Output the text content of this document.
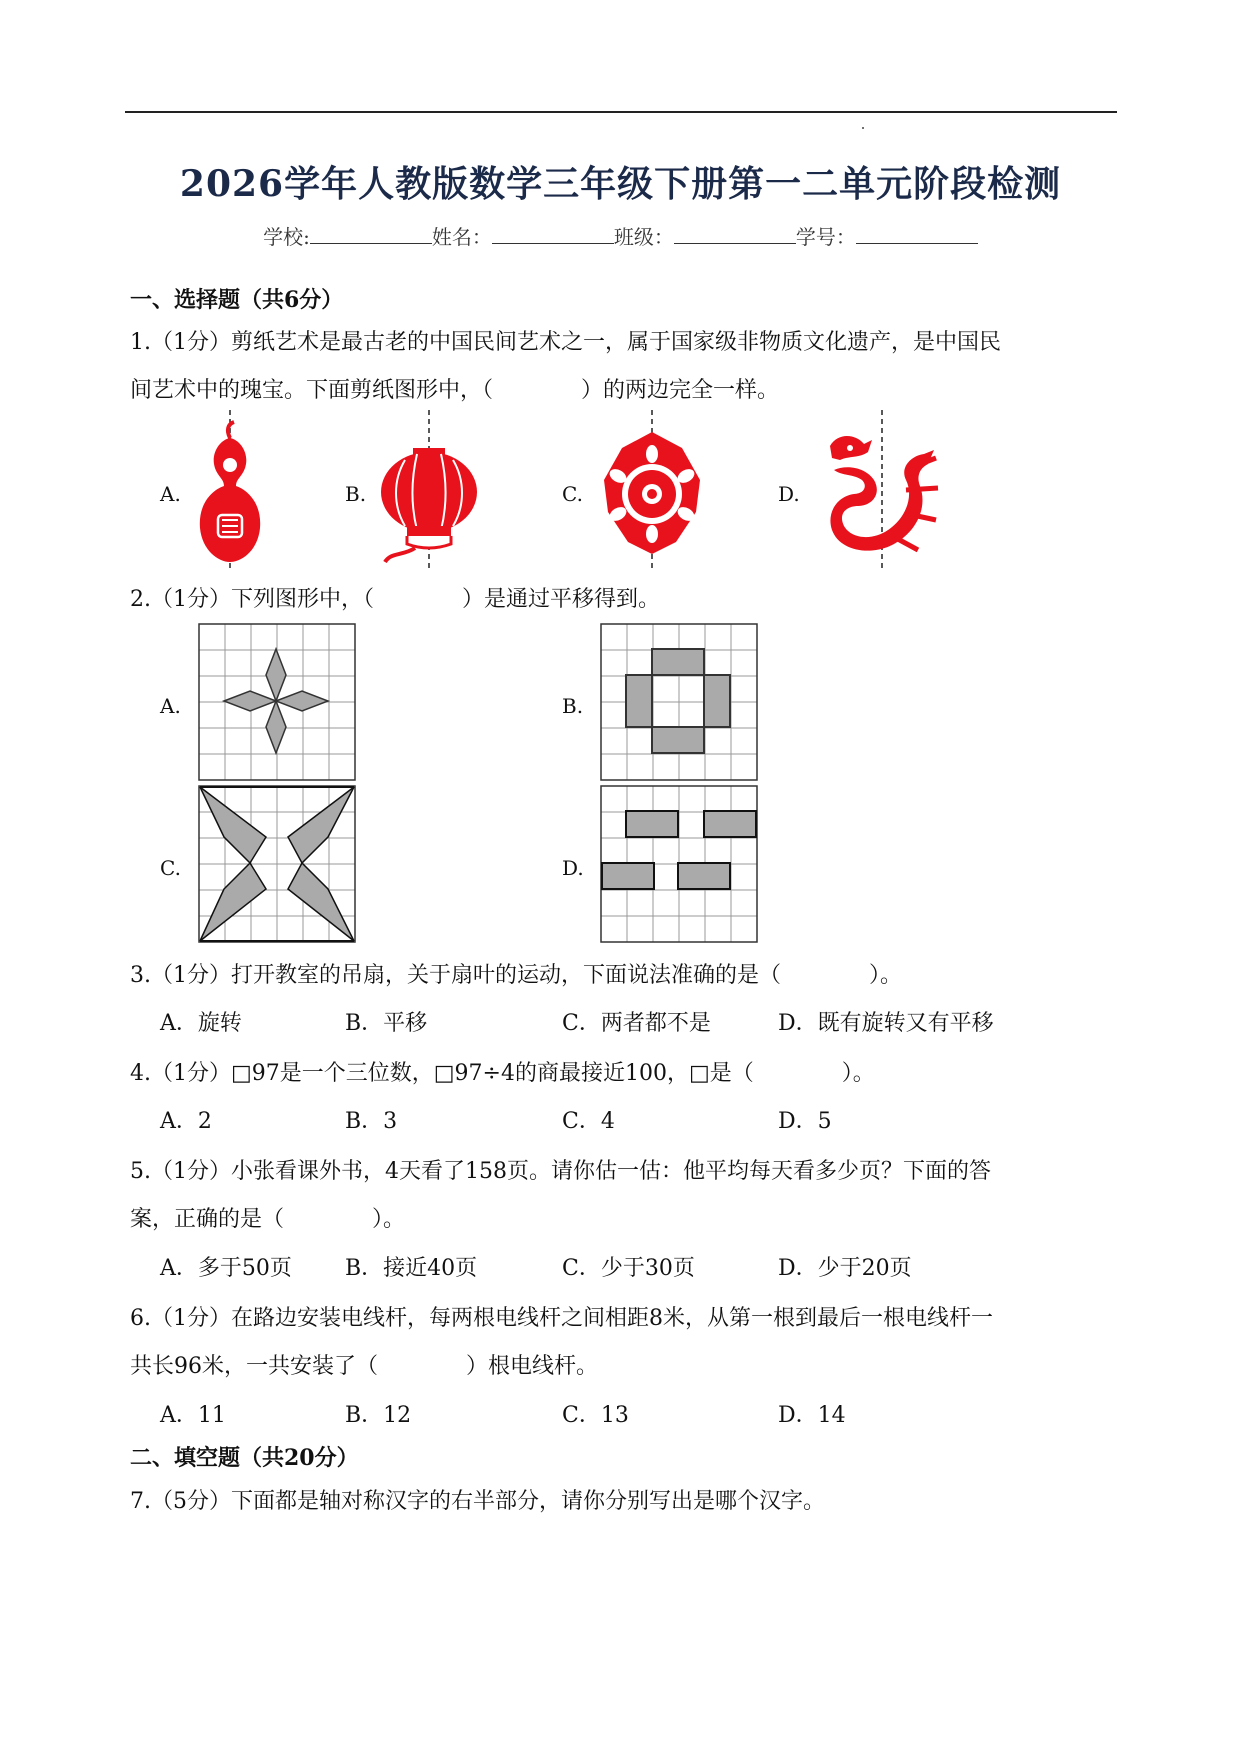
2026学年人教版数学三年级下册第一二单元阶段检测
学校:	姓名：	班级：	学号：
一、选择题（共6分）
1.（1分）剪纸艺术是最古老的中国民间艺术之一，属于国家级非物质文化遗产，是中国民
间艺术中的瑰宝。下面剪纸图形中，（　　　　）的两边完全一样。
A.	B.	C.	D.
2.（1分）下列图形中，（　　　　）是通过平移得到。
A.	B.
C.	D.
3.（1分）打开教室的吊扇，关于扇叶的运动，下面说法准确的是（　　　　）。
A．旋转	B．平移	C．两者都不是	D．既有旋转又有平移
4.（1分）□97是一个三位数，□97÷4的商最接近100，□是（　　　　）。
A．2	B．3	C．4	D．5
5.（1分）小张看课外书，4天看了158页。请你估一估：他平均每天看多少页？下面的答
案，正确的是（　　　　）。
A．多于50页 B．接近40页	C．少于30页	D．少于20页
6.（1分）在路边安装电线杆，每两根电线杆之间相距8米，从第一根到最后一根电线杆一
共长96米，一共安装了（　　　　）根电线杆。
A．11	B．12	C．13	D．14
二、填空题（共20分）
7.（5分）下面都是轴对称汉字的右半部分，请你分别写出是哪个汉字。
